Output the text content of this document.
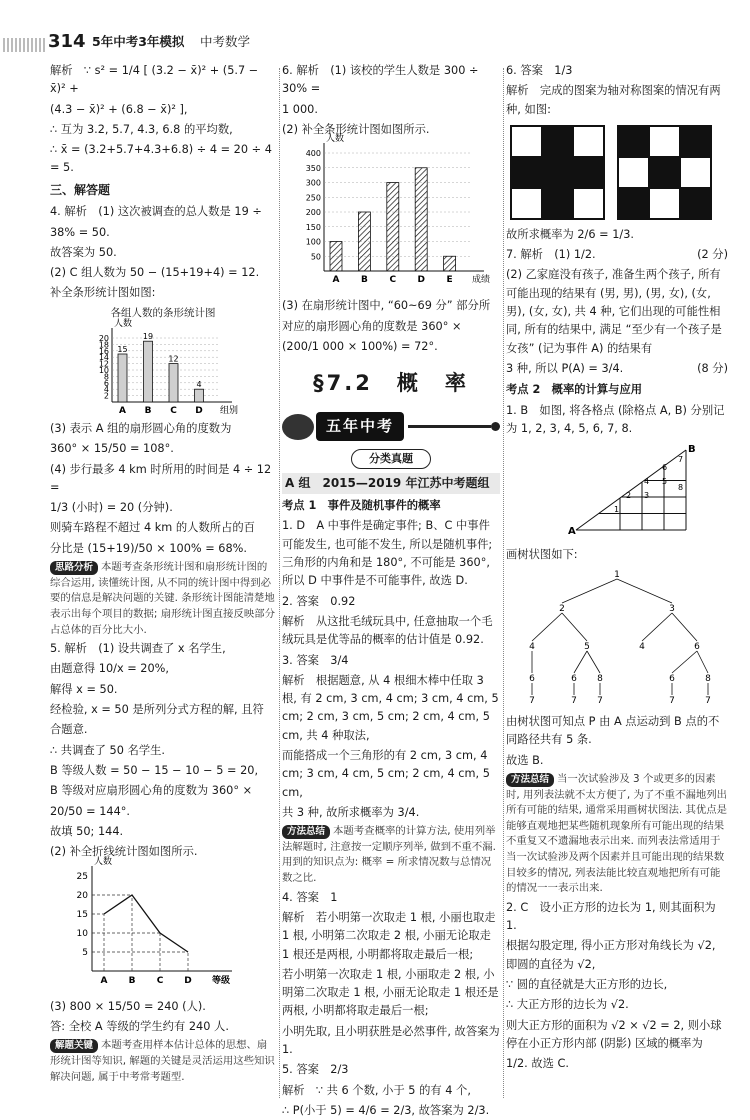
314 5年中考3年模拟 中考数学

解析　∵ s² = 1/4 [ (3.2 − x̄)² + (5.7 − x̄)² +

(4.3 − x̄)² + (6.8 − x̄)² ],

∴ 互为 3.2, 5.7, 4.3, 6.8 的平均数,

∴ x̄ = (3.2+5.7+4.3+6.8) ÷ 4 = 20 ÷ 4 = 5.

三、解答题

4. 解析　(1) 这次被调查的总人数是 19 ÷

38% = 50.

故答案为 50.

(2) C 组人数为 50 − (15+19+4) = 12.

补全条形统计图如图:

各组人数的条形统计图
人数
组别
2
4
6
8
10
12
14
16
18
20
A
15
B
19
C
12
D
4

(3) 表示 A 组的扇形圆心角的度数为

360° × 15/50 = 108°.

(4) 步行最多 4 km 时所用的时间是 4 ÷ 12 =

1/3 (小时) = 20 (分钟).

则骑车路程不超过 4 km 的人数所占的百

分比是 (15+19)/50 × 100% = 68%.

思路分析 本题考查条形统计图和扇形统计图的综合运用, 读懂统计图, 从不同的统计图中得到必要的信息是解决问题的关键. 条形统计图能清楚地表示出每个项目的数据; 扇形统计图直接反映部分占总体的百分比大小.

5. 解析　(1) 设共调查了 x 名学生,

由题意得 10/x = 20%,

解得 x = 50.

经检验, x = 50 是所列分式方程的解, 且符

合题意.

∴ 共调查了 50 名学生.

B 等级人数 = 50 − 15 − 10 − 5 = 20,

B 等级对应扇形圆心角的度数为 360° ×

20/50 = 144°.

故填 50; 144.

(2) 补全折线统计图如图所示.

人数
等级
5
10
15
20
25
A B C D

(3) 800 × 15/50 = 240 (人).

答: 全校 A 等级的学生约有 240 人.

解题关键 本题考查用样本估计总体的思想、扇形统计图等知识, 解题的关键是灵活运用这些知识解决问题, 属于中考常考题型.

6. 解析　(1) 该校的学生人数是 300 ÷ 30% =

1 000.

(2) 补全条形统计图如图所示.

人数
成绩
50
100
150
200
250
300
350
400
A B C D E

(3) 在扇形统计图中, “60~69 分” 部分所

对应的扇形圆心角的度数是 360° ×

(200/1 000 × 100%) = 72°.

§7.2　概　率
五年中考
分类真题

A 组　2015—2019 年江苏中考题组

考点 1　事件及随机事件的概率

1. D　A 中事件是确定事件; B、C 中事件可能发生, 也可能不发生, 所以是随机事件; 三角形的内角和是 180°, 不可能是 360°, 所以 D 中事件是不可能事件, 故选 D.

2. 答案　0.92

解析　从这批毛绒玩具中, 任意抽取一个毛绒玩具是优等品的概率的估计值是 0.92.

3. 答案　3/4

解析　根据题意, 从 4 根细木棒中任取 3 根, 有 2 cm, 3 cm, 4 cm; 3 cm, 4 cm, 5 cm; 2 cm, 3 cm, 5 cm; 2 cm, 4 cm, 5 cm, 共 4 种取法,

而能搭成一个三角形的有 2 cm, 3 cm, 4 cm; 3 cm, 4 cm, 5 cm; 2 cm, 4 cm, 5 cm,

共 3 种, 故所求概率为 3/4.

方法总结 本题考查概率的计算方法, 使用列举法解题时, 注意按一定顺序列举, 做到不重不漏. 用到的知识点为: 概率 = 所求情况数与总情况数之比.

4. 答案　1

解析　若小明第一次取走 1 根, 小丽也取走 1 根, 小明第二次取走 2 根, 小丽无论取走 1 根还是两根, 小明都将取走最后一根;

若小明第一次取走 1 根, 小丽取走 2 根, 小明第二次取走 1 根, 小丽无论取走 1 根还是两根, 小明都将取走最后一根;

小明先取, 且小明获胜是必然事件, 故答案为 1.

5. 答案　2/3

解析　∵ 共 6 个数, 小于 5 的有 4 个,

∴ P(小于 5) = 4/6 = 2/3, 故答案为 2/3.

6. 答案　1/3

解析　完成的图案为轴对称图案的情况有两种, 如图:

故所求概率为 2/6 = 1/3.

7. 解析　(1) 1/2.	(2 分)

(2) 乙家庭没有孩子, 准备生两个孩子, 所有可能出现的结果有 (男, 男), (男, 女), (女, 男), (女, 女), 共 4 种, 它们出现的可能性相同, 所有的结果中, 满足 “至少有一个孩子是女孩” (记为事件 A) 的结果有

3 种, 所以 P(A) = 3/4.	(8 分)

考点 2　概率的计算与应用

1. B　如图, 将各格点 (除格点 A, B) 分别记为 1, 2, 3, 4, 5, 6, 7, 8.

A
B
1
2 3
4 5
6
7
8

画树状图如下:

1
2	3
4	5	4	6
6	6 8	6	8
7	7 7	7	7

由树状图可知点 P 由 A 点运动到 B 点的不同路径共有 5 条.

故选 B.

方法总结 当一次试验涉及 3 个或更多的因素时, 用列表法就不太方便了, 为了不重不漏地列出所有可能的结果, 通常采用画树状图法. 其优点是能够直观地把某些随机现象所有可能出现的结果不重复又不遗漏地表示出来. 而列表法常适用于当一次试验涉及两个因素并且可能出现的结果数目较多的情况, 列表法能比较直观地把所有可能的情况一一表示出来.

2. C　设小正方形的边长为 1, 则其面积为 1.

根据勾股定理, 得小正方形对角线长为 √2, 即圆的直径为 √2,

∵ 圆的直径就是大正方形的边长,

∴ 大正方形的边长为 √2.

则大正方形的面积为 √2 × √2 = 2, 则小球停在小正方形内部 (阴影) 区域的概率为

1/2. 故选 C.
